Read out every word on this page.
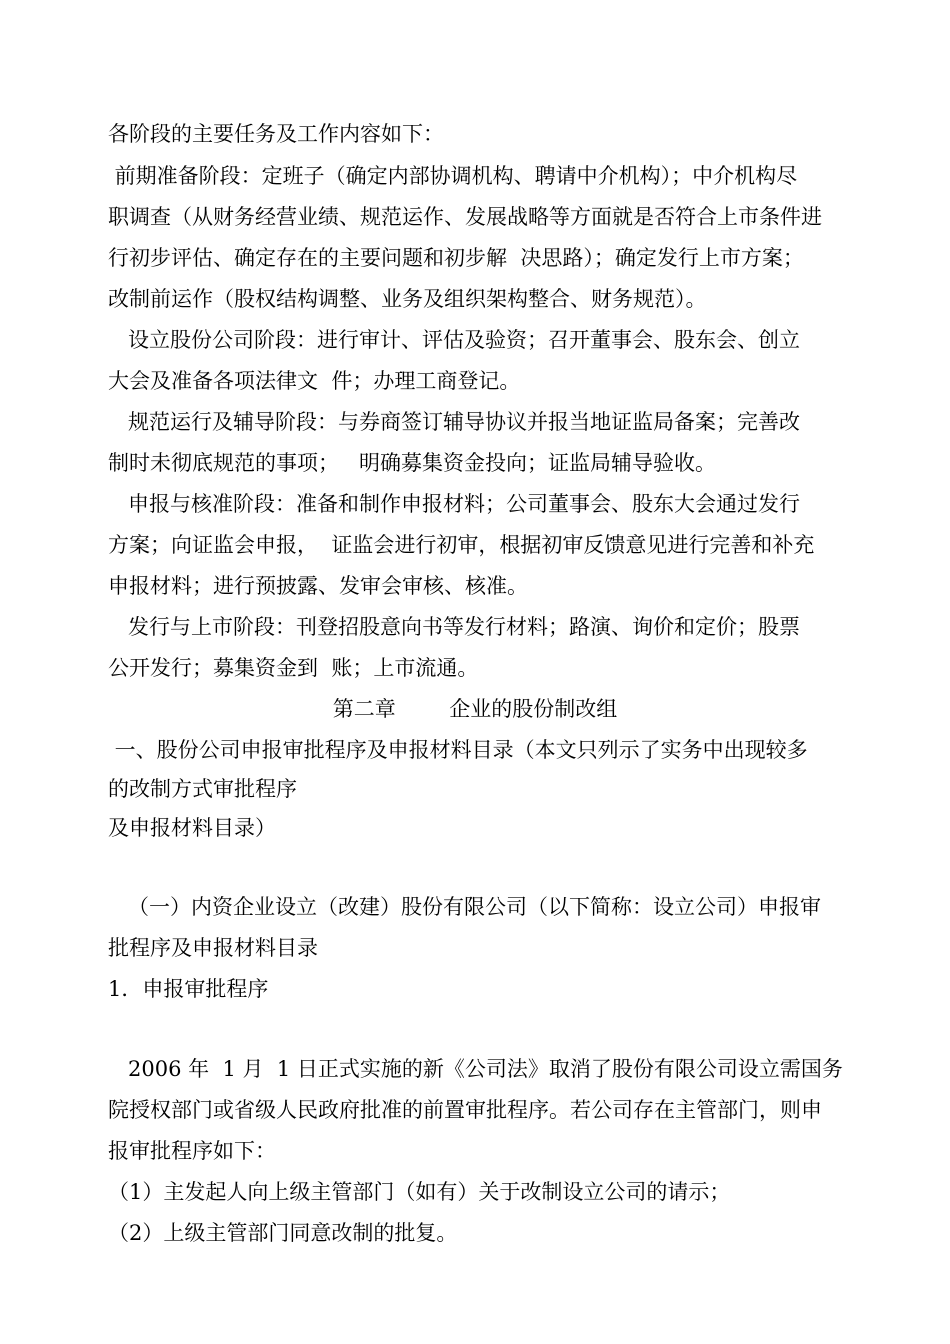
各阶段的主要任务及工作内容如下：
前期准备阶段：定班子（确定内部协调机构、聘请中介机构）；中介机构尽
职调查（从财务经营业绩、规范运作、发展战略等方面就是否符合上市条件进
行初步评估、确定存在的主要问题和初步解  决思路）；确定发行上市方案；
改制前运作（股权结构调整、业务及组织架构整合、财务规范）。
设立股份公司阶段：进行审计、评估及验资；召开董事会、股东会、创立
大会及准备各项法律文  件；办理工商登记。
规范运行及辅导阶段：与券商签订辅导协议并报当地证监局备案；完善改
制时未彻底规范的事项；   明确募集资金投向；证监局辅导验收。
申报与核准阶段：准备和制作申报材料；公司董事会、股东大会通过发行
方案；向证监会申报，  证监会进行初审，根据初审反馈意见进行完善和补充
申报材料；进行预披露、发审会审核、核准。
发行与上市阶段：刊登招股意向书等发行材料；路演、询价和定价；股票
公开发行；募集资金到  账；上市流通。
第二章        企业的股份制改组
一、股份公司申报审批程序及申报材料目录（本文只列示了实务中出现较多
的改制方式审批程序
及申报材料目录）
（一）内资企业设立（改建）股份有限公司（以下简称：设立公司）申报审
批程序及申报材料目录
1．申报审批程序
2006 年  1 月  1 日正式实施的新《公司法》取消了股份有限公司设立需国务
院授权部门或省级人民政府批准的前置审批程序。若公司存在主管部门，则申
报审批程序如下：
（1）主发起人向上级主管部门（如有）关于改制设立公司的请示；
（2）上级主管部门同意改制的批复。
